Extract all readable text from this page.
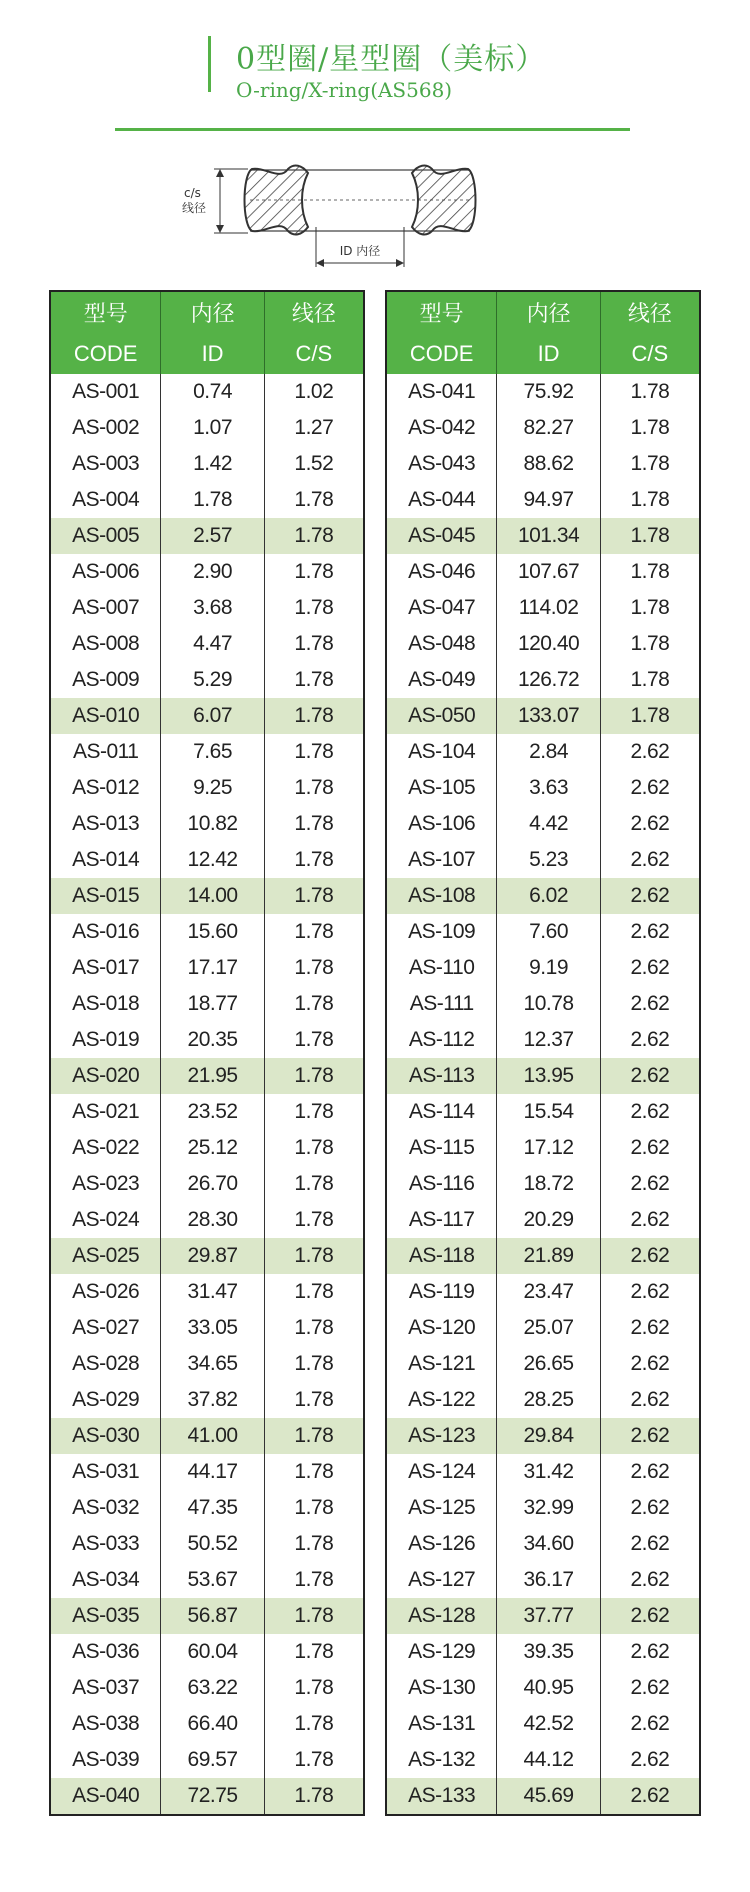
0型圈/星型圈（美标）
O-ring/X-ring(AS568)
c/s
线径
ID 内径
型号	内径	线径
CODE	ID	C/S
AS-001	0.74	1.02
AS-002	1.07	1.27
AS-003	1.42	1.52
AS-004	1.78	1.78
AS-005	2.57	1.78
AS-006	2.90	1.78
AS-007	3.68	1.78
AS-008	4.47	1.78
AS-009	5.29	1.78
AS-010	6.07	1.78
AS-011	7.65	1.78
AS-012	9.25	1.78
AS-013	10.82	1.78
AS-014	12.42	1.78
AS-015	14.00	1.78
AS-016	15.60	1.78
AS-017	17.17	1.78
AS-018	18.77	1.78
AS-019	20.35	1.78
AS-020	21.95	1.78
AS-021	23.52	1.78
AS-022	25.12	1.78
AS-023	26.70	1.78
AS-024	28.30	1.78
AS-025	29.87	1.78
AS-026	31.47	1.78
AS-027	33.05	1.78
AS-028	34.65	1.78
AS-029	37.82	1.78
AS-030	41.00	1.78
AS-031	44.17	1.78
AS-032	47.35	1.78
AS-033	50.52	1.78
AS-034	53.67	1.78
AS-035	56.87	1.78
AS-036	60.04	1.78
AS-037	63.22	1.78
AS-038	66.40	1.78
AS-039	69.57	1.78
AS-040	72.75	1.78
型号	内径	线径
CODE	ID	C/S
AS-041	75.92	1.78
AS-042	82.27	1.78
AS-043	88.62	1.78
AS-044	94.97	1.78
AS-045	101.34	1.78
AS-046	107.67	1.78
AS-047	114.02	1.78
AS-048	120.40	1.78
AS-049	126.72	1.78
AS-050	133.07	1.78
AS-104	2.84	2.62
AS-105	3.63	2.62
AS-106	4.42	2.62
AS-107	5.23	2.62
AS-108	6.02	2.62
AS-109	7.60	2.62
AS-110	9.19	2.62
AS-111	10.78	2.62
AS-112	12.37	2.62
AS-113	13.95	2.62
AS-114	15.54	2.62
AS-115	17.12	2.62
AS-116	18.72	2.62
AS-117	20.29	2.62
AS-118	21.89	2.62
AS-119	23.47	2.62
AS-120	25.07	2.62
AS-121	26.65	2.62
AS-122	28.25	2.62
AS-123	29.84	2.62
AS-124	31.42	2.62
AS-125	32.99	2.62
AS-126	34.60	2.62
AS-127	36.17	2.62
AS-128	37.77	2.62
AS-129	39.35	2.62
AS-130	40.95	2.62
AS-131	42.52	2.62
AS-132	44.12	2.62
AS-133	45.69	2.62
